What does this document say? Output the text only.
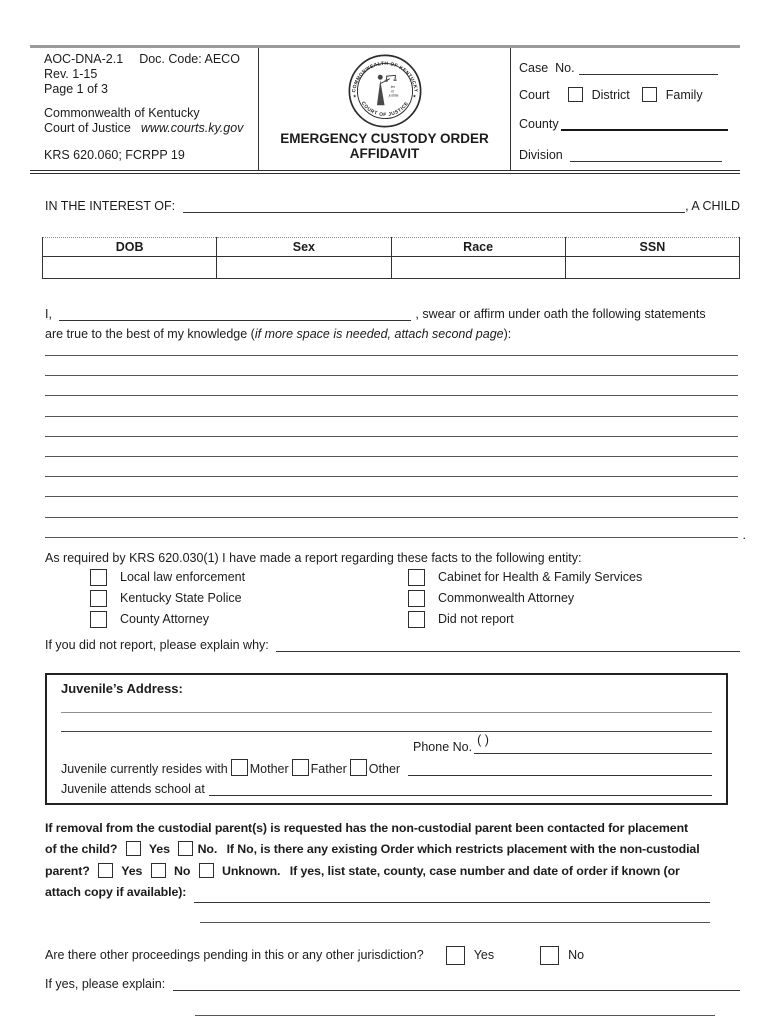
AOC-DNA-2.1 Doc. Code: AECO
Rev. 1-15
Page 1 of 3
Commonwealth of Kentucky
Court of Justice www.courts.ky.gov
KRS 620.060; FCRPP 19
COMMONWEALTH OF KENTUCKY
COURT OF JUSTICE
★	★
lex
et
justitia
EMERGENCY CUSTODY ORDER
AFFIDAVIT
Case  No.
Court	District	Family
County
Division
IN THE INTEREST OF:	, A CHILD
DOB	Sex	Race	SSN

I,	, swear or affirm under oath the following statements
are true to the best of my knowledge (if more space is needed, attach second page):
.
As required by KRS 620.030(1) I have made a report regarding these facts to the following entity:
Local law enforcement	Cabinet for Health & Family Services
Kentucky State Police	Commonwealth Attorney
County Attorney	Did not report
If you did not report, please explain why:
Juvenile’s Address:
Phone No. ( )
Juvenile currently resides with Mother Father Other
Juvenile attends school at
If removal from the custodial parent(s) is requested has the non-custodial parent been contacted for placement
of the child?	Yes No. If No, is there any existing Order which restricts placement with the non-custodial
parent?	Yes	No	Unknown. If yes, list state, county, case number and date of order if known (or
attach copy if available):
Are there other proceedings pending in this or any other jurisdiction?	Yes	No
If yes, please explain:
